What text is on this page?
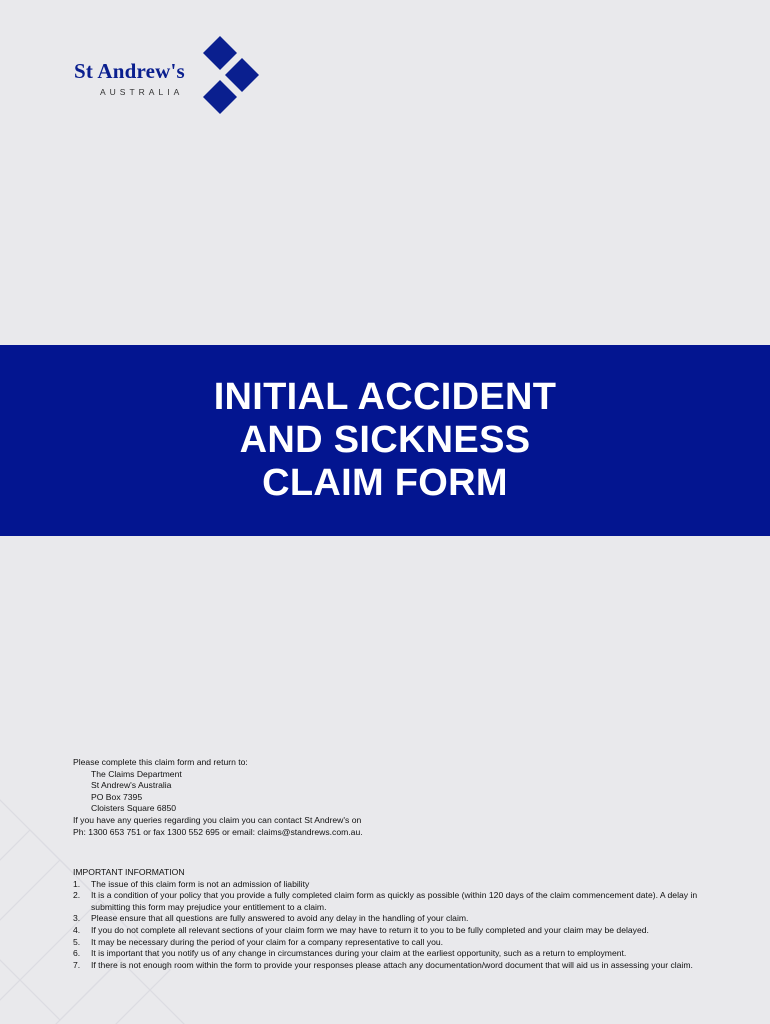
St Andrew's
AUSTRALIA
INITIAL ACCIDENT
AND SICKNESS
CLAIM FORM
Please complete this claim form and return to:
The Claims Department
St Andrew's Australia
PO Box 7395
Cloisters Square 6850
If you have any queries regarding you claim you can contact St Andrew's on
Ph: 1300 653 751 or fax 1300 552 695 or email: claims@standrews.com.au.
IMPORTANT INFORMATION
1.	The issue of this claim form is not an admission of liability
2.	It is a condition of your policy that you provide a fully completed claim form as quickly as possible (within 120 days of the claim commencement date). A delay in submitting this form may prejudice your entitlement to a claim.
3.	Please ensure that all questions are fully answered to avoid any delay in the handling of your claim.
4.	If you do not complete all relevant sections of your claim form we may have to return it to you to be fully completed and your claim may be delayed.
5.	It may be necessary during the period of your claim for a company representative to call you.
6.	It is important that you notify us of any change in circumstances during your claim at the earliest opportunity, such as a return to employment.
7.	If there is not enough room within the form to provide your responses please attach any documentation/word document that will aid us in assessing your claim.
